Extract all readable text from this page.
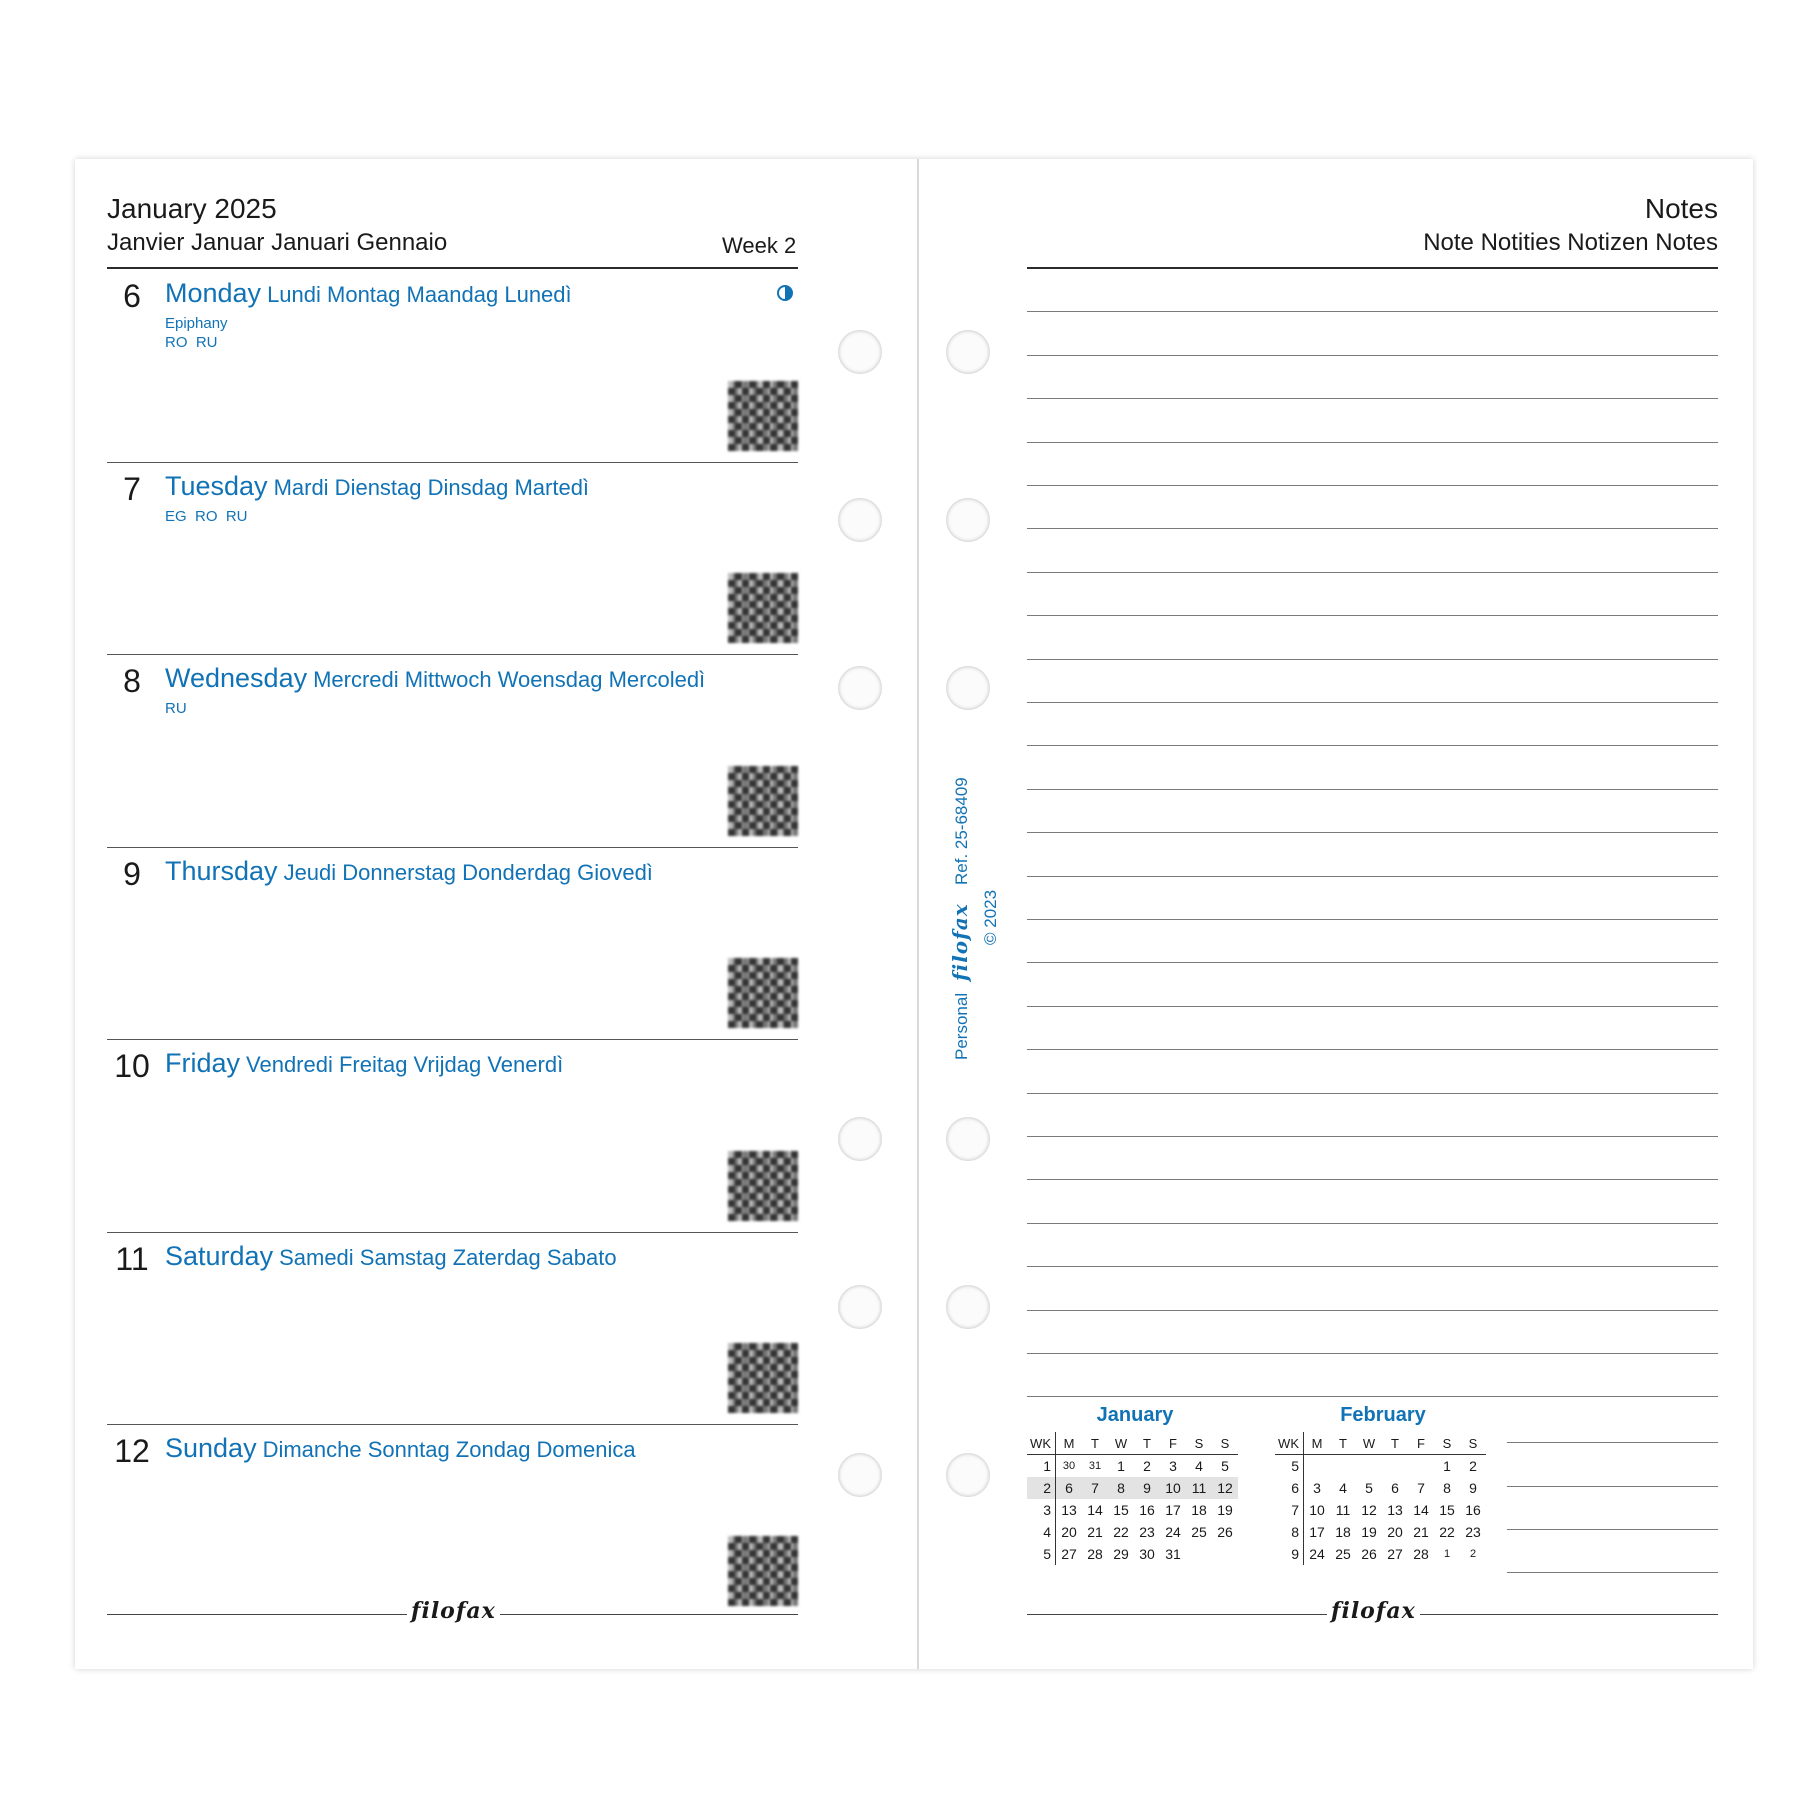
January 2025
Janvier Januar Januari Gennaio	Week 2
6 Monday Lundi Montag Maandag Lunedì
Epiphany
RO  RU
7 Tuesday Mardi Dienstag Dinsdag Martedì
EG  RO  RU
8 Wednesday Mercredi Mittwoch Woensdag Mercoledì
RU
9 Thursday Jeudi Donnerstag Donderdag Giovedì
10 Friday Vendredi Freitag Vrijdag Venerdì
11 Saturday Samedi Samstag Zaterdag Sabato
12 Sunday Dimanche Sonntag Zondag Domenica
filofax
Personal
filofax
Ref. 25-68409
© 2023
Notes
Note Notities Notizen Notes
January
WK	M	T	W	T	F	S	S
1	30	31	1	2	3	4	5
2	6	7	8	9	10	11	12
3	13	14	15	16	17	18	19
4	20	21	22	23	24	25	26
5	27	28	29	30	31		
February
WK	M	T	W	T	F	S	S
5						1	2
6	3	4	5	6	7	8	9
7	10	11	12	13	14	15	16
8	17	18	19	20	21	22	23
9	24	25	26	27	28	1	2
filofax
